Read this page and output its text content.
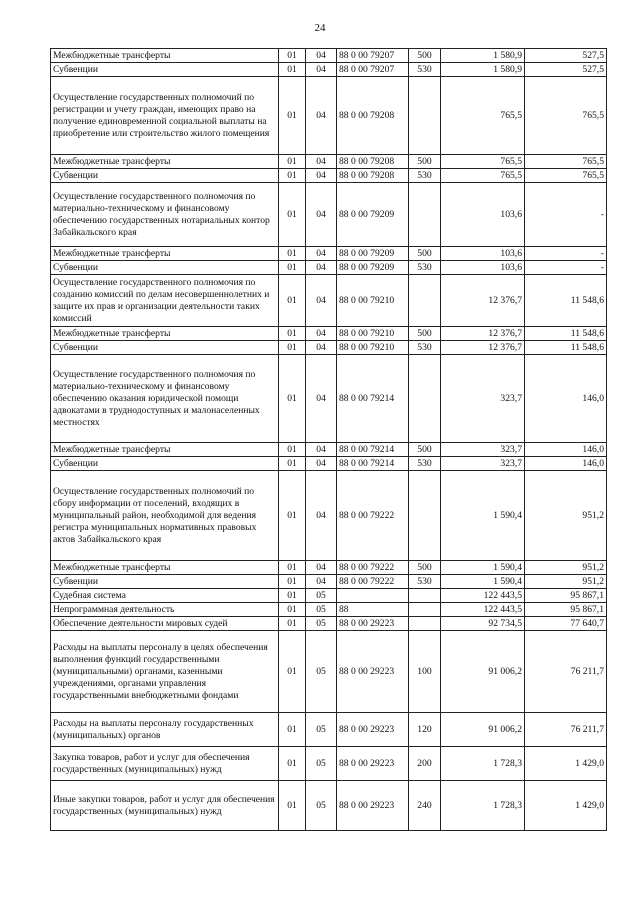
24
Межбюджетные трансферты	01	04	88 0 00 79207	500	1 580,9	527,5
Субвенции	01	04	88 0 00 79207	530	1 580,9	527,5
Осуществление государственных полномочий по регистрации и учету граждан, имеющих право на получение единовременной социальной выплаты на приобретение или строительство жилого помещения	01	04	88 0 00 79208		765,5	765,5
Межбюджетные трансферты	01	04	88 0 00 79208	500	765,5	765,5
Субвенции	01	04	88 0 00 79208	530	765,5	765,5
Осуществление государственного полномочия по материально-техническому и финансовому обеспечению государственных нотариальных контор Забайкальского края	01	04	88 0 00 79209		103,6	-
Межбюджетные трансферты	01	04	88 0 00 79209	500	103,6	-
Субвенции	01	04	88 0 00 79209	530	103,6	-
Осуществление государственного полномочия по созданию комиссий по делам несовершеннолетних и защите их прав и организации деятельности таких комиссий	01	04	88 0 00 79210		12 376,7	11 548,6
Межбюджетные трансферты	01	04	88 0 00 79210	500	12 376,7	11 548,6
Субвенции	01	04	88 0 00 79210	530	12 376,7	11 548,6
Осуществление государственного полномочия по материально-техническому и финансовому обеспечению оказания юридической помощи адвокатами в труднодоступных и малонаселенных местностях	01	04	88 0 00 79214		323,7	146,0
Межбюджетные трансферты	01	04	88 0 00 79214	500	323,7	146,0
Субвенции	01	04	88 0 00 79214	530	323,7	146,0
Осуществление государственных полномочий по сбору информации от поселений, входящих в муниципальный район, необходимой для ведения регистра муниципальных нормативных правовых актов Забайкальского края	01	04	88 0 00 79222		1 590,4	951,2
Межбюджетные трансферты	01	04	88 0 00 79222	500	1 590,4	951,2
Субвенции	01	04	88 0 00 79222	530	1 590,4	951,2
Судебная система	01	05			122 443,5	95 867,1
Непрограммная деятельность	01	05	88		122 443,5	95 867,1
Обеспечение деятельности мировых судей	01	05	88 0 00 29223		92 734,5	77 640,7
Расходы на выплаты персоналу в целях обеспечения выполнения функций государственными (муниципальными) органами, казенными учреждениями, органами управления государственными внебюджетными фондами	01	05	88 0 00 29223	100	91 006,2	76 211,7
Расходы на выплаты персоналу государственных (муниципальных) органов	01	05	88 0 00 29223	120	91 006,2	76 211,7
Закупка товаров, работ и услуг для обеспечения государственных (муниципальных) нужд	01	05	88 0 00 29223	200	1 728,3	1 429,0
Иные закупки товаров, работ и услуг для обеспечения государственных (муниципальных) нужд	01	05	88 0 00 29223	240	1 728,3	1 429,0
